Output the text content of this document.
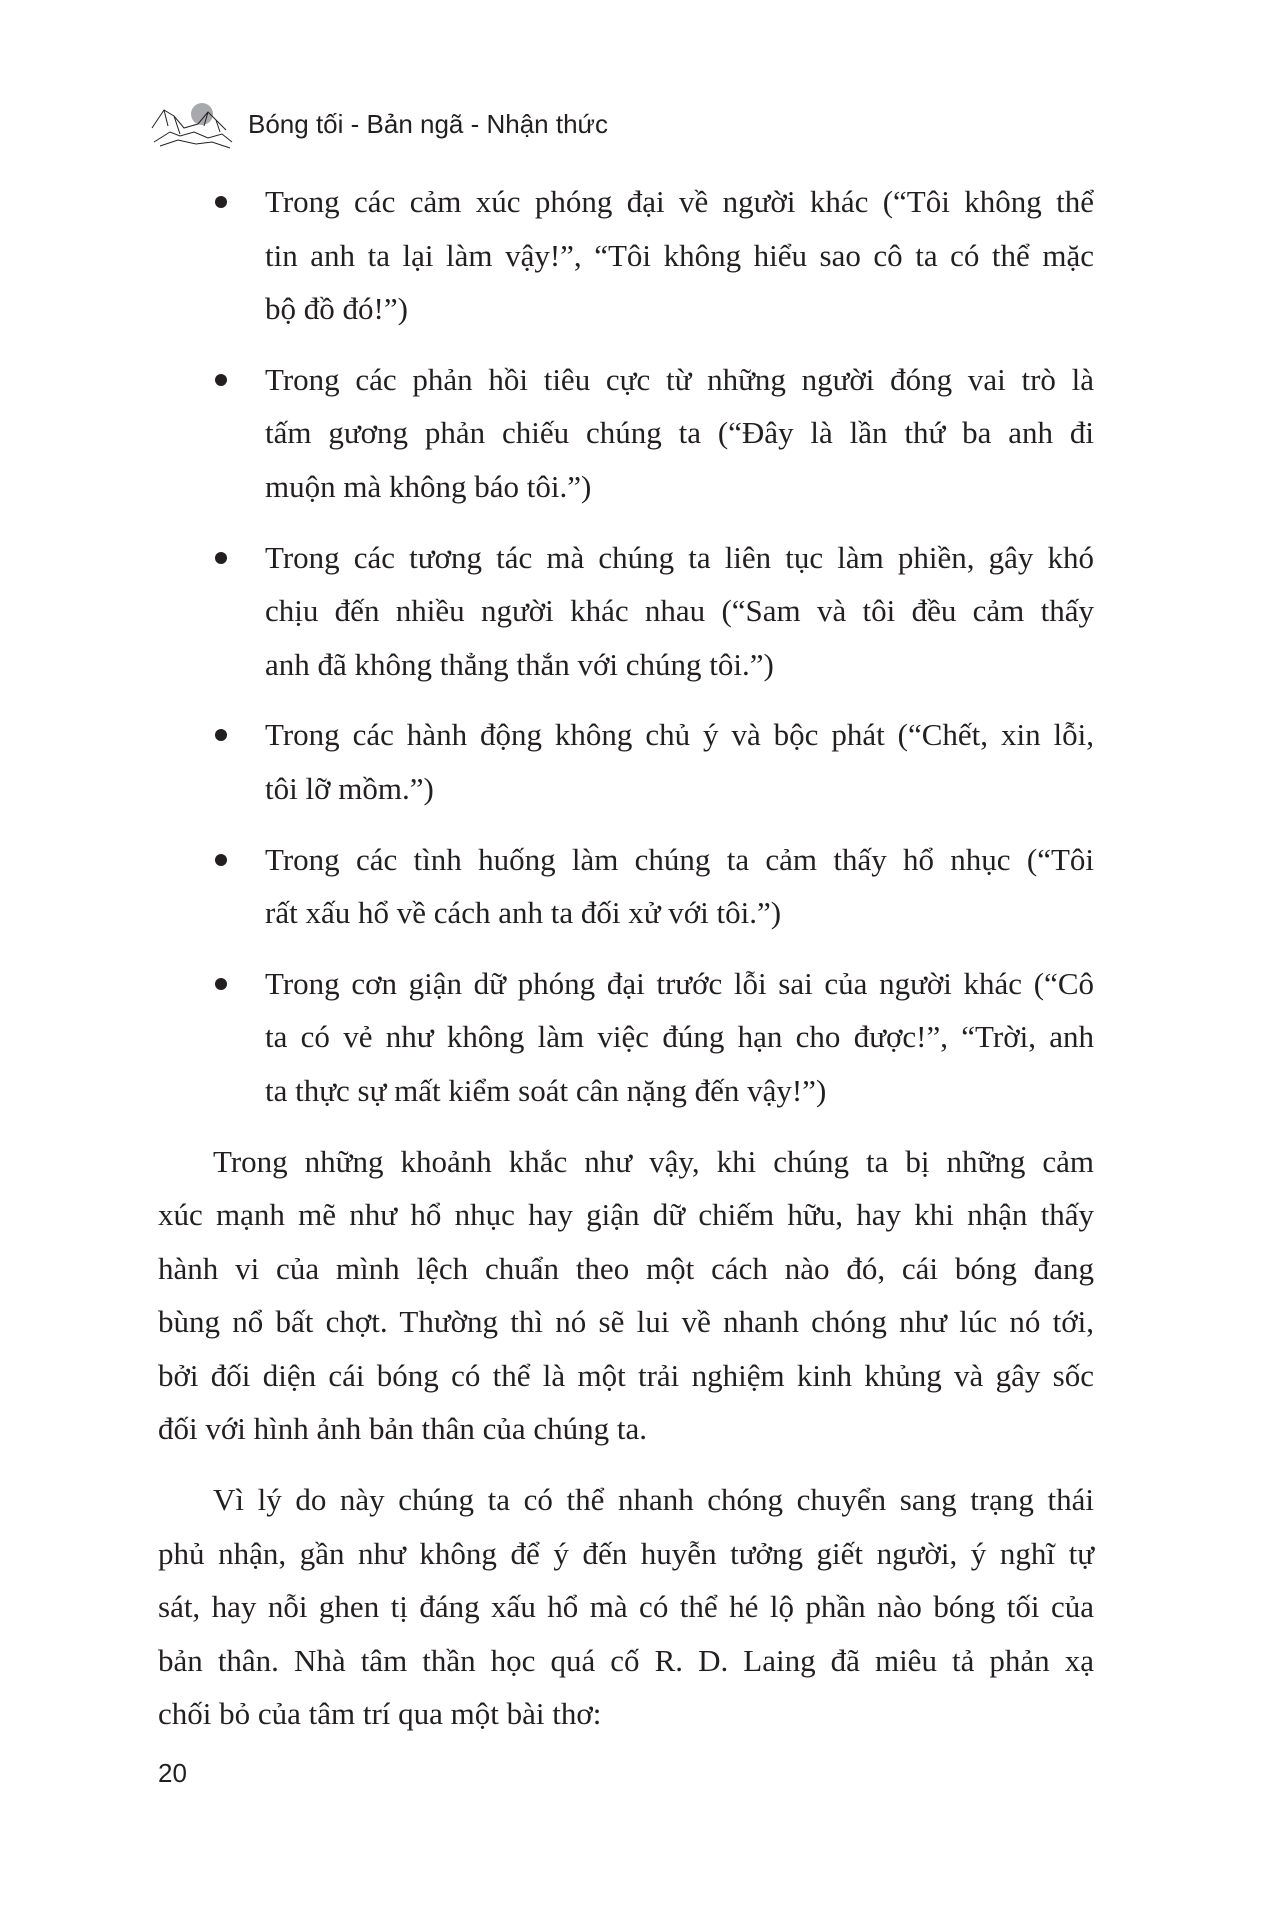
Bóng tối - Bản ngã - Nhận thức
Trong các cảm xúc phóng đại về người khác (“Tôi không thể
tin anh ta lại làm vậy!”, “Tôi không hiểu sao cô ta có thể mặc
bộ đồ đó!”)
Trong các phản hồi tiêu cực từ những người đóng vai trò là
tấm gương phản chiếu chúng ta (“Đây là lần thứ ba anh đi
muộn mà không báo tôi.”)
Trong các tương tác mà chúng ta liên tục làm phiền, gây khó
chịu đến nhiều người khác nhau (“Sam và tôi đều cảm thấy
anh đã không thẳng thắn với chúng tôi.”)
Trong các hành động không chủ ý và bộc phát (“Chết, xin lỗi,
tôi lỡ mồm.”)
Trong các tình huống làm chúng ta cảm thấy hổ nhục (“Tôi
rất xấu hổ về cách anh ta đối xử với tôi.”)
Trong cơn giận dữ phóng đại trước lỗi sai của người khác (“Cô
ta có vẻ như không làm việc đúng hạn cho được!”, “Trời, anh
ta thực sự mất kiểm soát cân nặng đến vậy!”)
Trong những khoảnh khắc như vậy, khi chúng ta bị những cảm
xúc mạnh mẽ như hổ nhục hay giận dữ chiếm hữu, hay khi nhận thấy
hành vi của mình lệch chuẩn theo một cách nào đó, cái bóng đang
bùng nổ bất chợt. Thường thì nó sẽ lui về nhanh chóng như lúc nó tới,
bởi đối diện cái bóng có thể là một trải nghiệm kinh khủng và gây sốc
đối với hình ảnh bản thân của chúng ta.
Vì lý do này chúng ta có thể nhanh chóng chuyển sang trạng thái
phủ nhận, gần như không để ý đến huyễn tưởng giết người, ý nghĩ tự
sát, hay nỗi ghen tị đáng xấu hổ mà có thể hé lộ phần nào bóng tối của
bản thân. Nhà tâm thần học quá cố R. D. Laing đã miêu tả phản xạ
chối bỏ của tâm trí qua một bài thơ:
20
